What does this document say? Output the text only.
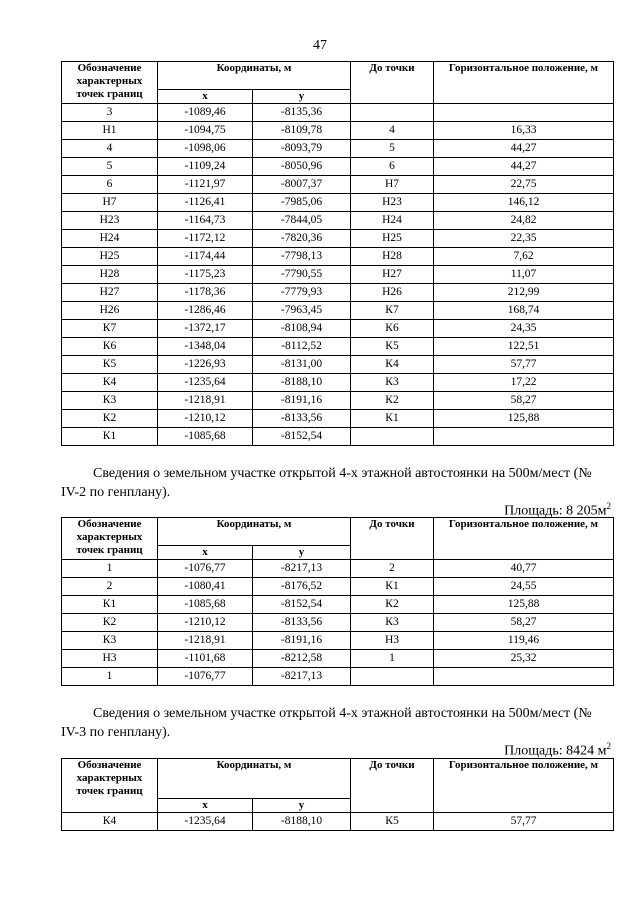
47
Обозначение характерных точек границ	Координаты, м		До точки	Горизонтальное положение, м
	x	y		
3	-1089,46	-8135,36		
Н1	-1094,75	-8109,78	4	16,33
4	-1098,06	-8093,79	5	44,27
5	-1109,24	-8050,96	6	44,27
6	-1121,97	-8007,37	Н7	22,75
Н7	-1126,41	-7985,06	Н23	146,12
Н23	-1164,73	-7844,05	Н24	24,82
Н24	-1172,12	-7820,36	Н25	22,35
Н25	-1174,44	-7798,13	Н28	7,62
Н28	-1175,23	-7790,55	Н27	11,07
Н27	-1178,36	-7779,93	Н26	212,99
Н26	-1286,46	-7963,45	К7	168,74
К7	-1372,17	-8108,94	К6	24,35
К6	-1348,04	-8112,52	К5	122,51
К5	-1226,93	-8131,00	К4	57,77
К4	-1235,64	-8188,10	К3	17,22
К3	-1218,91	-8191,16	К2	58,27
К2	-1210,12	-8133,56	К1	125,88
К1	-1085,68	-8152,54		
Сведения о земельном участке открытой 4-х этажной автостоянки на 500м/мест (№ IV-2 по генплану).
Площадь: 8 $205м^2$
Обозначение характерных точек границ	Координаты, м		До точки	Горизонтальное положение, м
	x	y		
1	-1076,77	-8217,13	2	40,77
2	-1080,41	-8176,52	К1	24,55
К1	-1085,68	-8152,54	К2	125,88
К2	-1210,12	-8133,56	К3	58,27
К3	-1218,91	-8191,16	Н3	119,46
Н3	-1101,68	-8212,58	1	25,32
1	-1076,77	-8217,13		
Сведения о земельном участке открытой 4-х этажной автостоянки на 500м/мест (№ IV-3 по генплану).
Площадь: 8424 $м^2$
Обозначение характерных точек границ	Координаты, м		До точки	Горизонтальное положение, м
	x	y		
К4	-1235,64	-8188,10	К5	57,77
